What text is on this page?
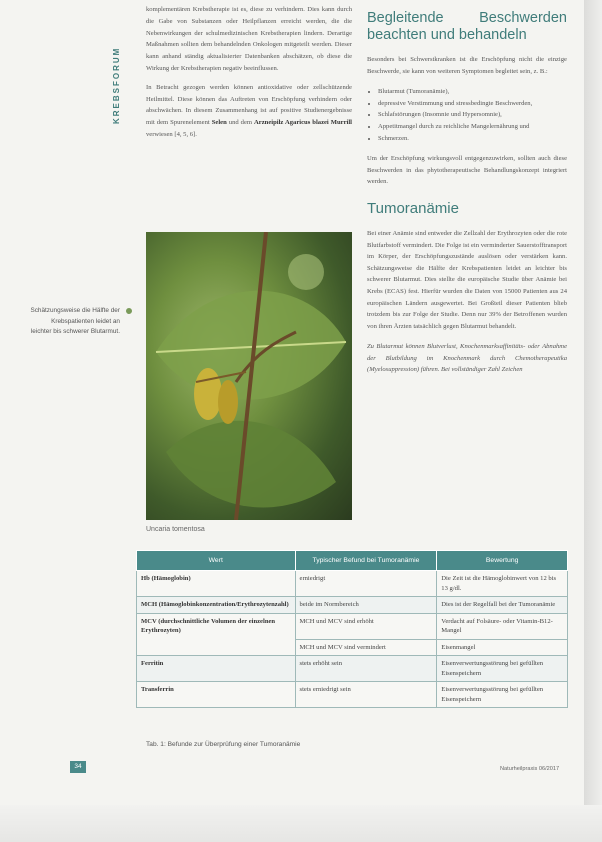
KREBSFORUM

komplementären Krebstherapie ist es, diese zu verhindern. Dies kann durch die Gabe von Substanzen oder Heilpflanzen erreicht werden, die die Nebenwirkungen der schulmedizinischen Krebstherapien lindern. Derartige Maßnahmen sollten dem behandelnden Onkologen mitgeteilt werden. Dieser kann anhand ständig aktualisierter Datenbanken abschätzen, ob diese die Wirkung der Krebstherapien negativ beeinflussen.

In Betracht gezogen werden können antioxidative oder zellschützende Heilmittel. Diese können das Auftreten von Erschöpfung verhindern oder abschwächen. In diesem Zusammenhang ist auf positive Studienergebnisse mit dem Spurenelement Selen und dem Arzneipilz Agaricus blazei Murrill verwiesen [4, 5, 6].

Uncaria tomentosa
Schätzungsweise die Hälfte der Krebspatienten leidet an leichter bis schwerer Blutarmut.
Begleitende Beschwerden beachten und behandeln

Besonders bei Schwerstkranken ist die Erschöpfung nicht die einzige Beschwerde, sie kann von weiteren Symptomen begleitet sein, z. B.:

• Blutarmut (Tumoranämie),
• depressive Verstimmung und stressbedingte Beschwerden,
• Schlafstörungen (Insomnie und Hypersomnie),
• Appetitmangel durch zu reichliche Mangelernährung und
• Schmerzen.

Um der Erschöpfung wirkungsvoll entgegenzuwirken, sollten auch diese Beschwerden in das phytotherapeutische Behandlungskonzept integriert werden.

Tumoranämie

Bei einer Anämie sind entweder die Zellzahl der Erythrozyten oder die rote Blutfarbstoff vermindert. Die Folge ist ein verminderter Sauerstofftransport im Körper, der Erschöpfungszustände auslösen oder verstärken kann. Schätzungsweise die Hälfte der Krebspatienten leidet an leichter bis schwerer Blutarmut. Dies stellte die europäische Studie über Anämie bei Krebs (ECAS) fest. Hierfür wurden die Daten von 15000 Patienten aus 24 europäischen Ländern ausgewertet. Bei Großteil dieser Patienten blieb trotzdem bis zur Folge der Studie. Denn nur 39% der Betroffenen wurden von ihren Ärzten tatsächlich gegen Blutarmut behandelt.

Zu Blutarmut können Blutverlust, Knochenmarksaffinitäts- oder Abnahme der Blutbildung im Knochenmark durch Chemotherapeutika (Myelosuppression) führen. Bei vollständiger Zahl Zeichen

Wert	Typischer Befund bei Tumoranämie	Bewertung
Hb (Hämoglobin)	erniedrigt	Die Zeit ist die Hämoglobinwert von 12 bis 13 g/dl.
MCH (Hämoglobinkonzentration/Erythrozytenzahl)	beide im Normbereich	Dies ist der Regelfall bei der Tumoranämie
MCV (durchschnittliche Volumen der einzelnen Erythrozyten)	MCH und MCV sind erhöht	Verdacht auf Folsäure- oder Vitamin-B12-Mangel
	MCH und MCV sind vermindert	Eisenmangel
Ferritin	stets erhöht sein	Eisenverwertungsstörung bei gefüllten Eisenspeichern
Transferrin	stets erniedrigt sein	Eisenverwertungsstörung bei gefüllten Eisenspeichern
Tab. 1: Befunde zur Überprüfung einer Tumoranämie
34	Naturheilpraxis 06/2017
